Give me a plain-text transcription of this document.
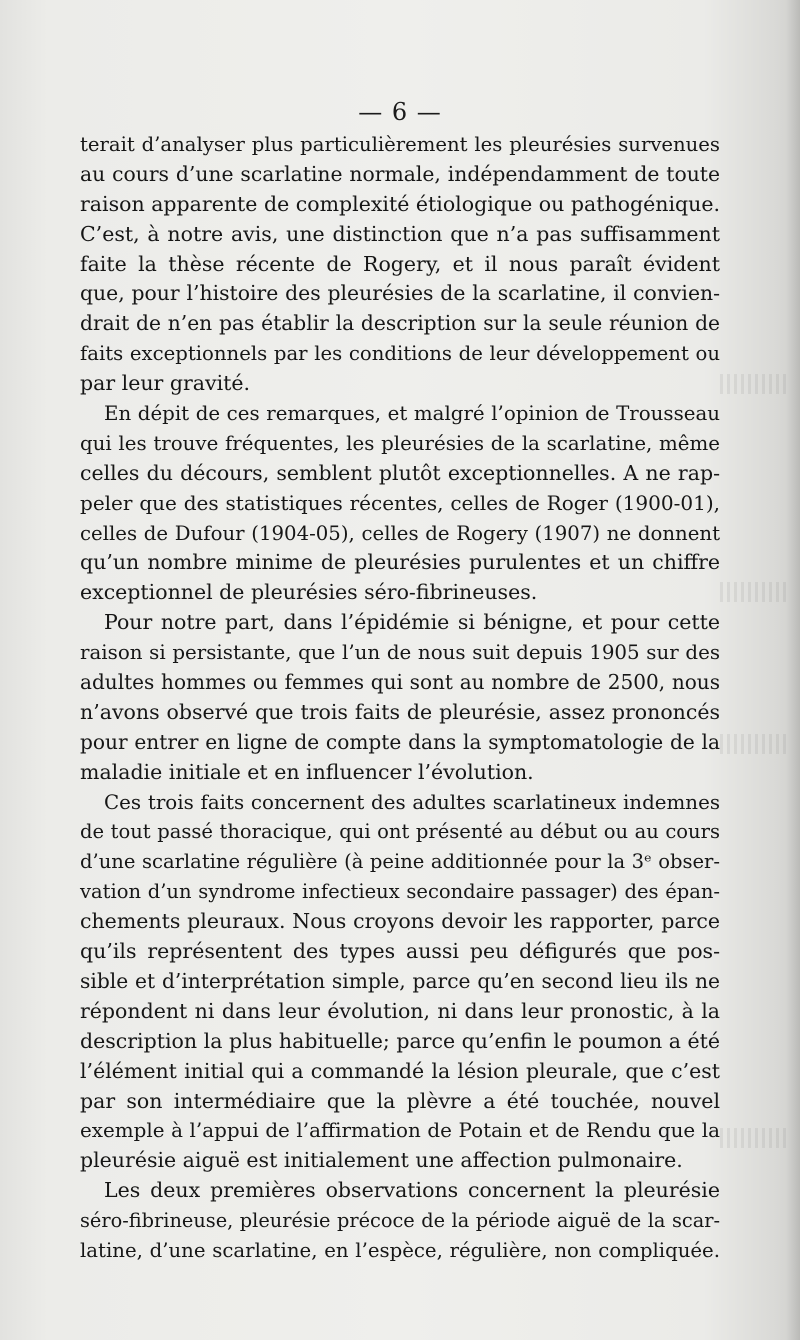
— 6 —
terait d’analyser plus particulièrement les pleurésies survenues
au cours d’une scarlatine normale, indépendamment de toute
raison apparente de complexité étiologique ou pathogénique.
C’est, à notre avis, une distinction que n’a pas suffisamment
faite la thèse récente de Rogery, et il nous paraît évident
que, pour l’histoire des pleurésies de la scarlatine, il convien-
drait de n’en pas établir la description sur la seule réunion de
faits exceptionnels par les conditions de leur développement ou
par leur gravité.
En dépit de ces remarques, et malgré l’opinion de Trousseau
qui les trouve fréquentes, les pleurésies de la scarlatine, même
celles du décours, semblent plutôt exceptionnelles. A ne rap-
peler que des statistiques récentes, celles de Roger (1900-01),
celles de Dufour (1904-05), celles de Rogery (1907) ne donnent
qu’un nombre minime de pleurésies purulentes et un chiffre
exceptionnel de pleurésies séro-fibrineuses.
Pour notre part, dans l’épidémie si bénigne, et pour cette
raison si persistante, que l’un de nous suit depuis 1905 sur des
adultes hommes ou femmes qui sont au nombre de 2500, nous
n’avons observé que trois faits de pleurésie, assez prononcés
pour entrer en ligne de compte dans la symptomatologie de la
maladie initiale et en influencer l’évolution.
Ces trois faits concernent des adultes scarlatineux indemnes
de tout passé thoracique, qui ont présenté au début ou au cours
d’une scarlatine régulière (à peine additionnée pour la 3ᵉ obser-
vation d’un syndrome infectieux secondaire passager) des épan-
chements pleuraux. Nous croyons devoir les rapporter, parce
qu’ils représentent des types aussi peu défigurés que pos-
sible et d’interprétation simple, parce qu’en second lieu ils ne
répondent ni dans leur évolution, ni dans leur pronostic, à la
description la plus habituelle; parce qu’enfin le poumon a été
l’élément initial qui a commandé la lésion pleurale, que c’est
par son intermédiaire que la plèvre a été touchée, nouvel
exemple à l’appui de l’affirmation de Potain et de Rendu que la
pleurésie aiguë est initialement une affection pulmonaire.
Les deux premières observations concernent la pleurésie
séro-fibrineuse, pleurésie précoce de la période aiguë de la scar-
latine, d’une scarlatine, en l’espèce, régulière, non compliquée.
